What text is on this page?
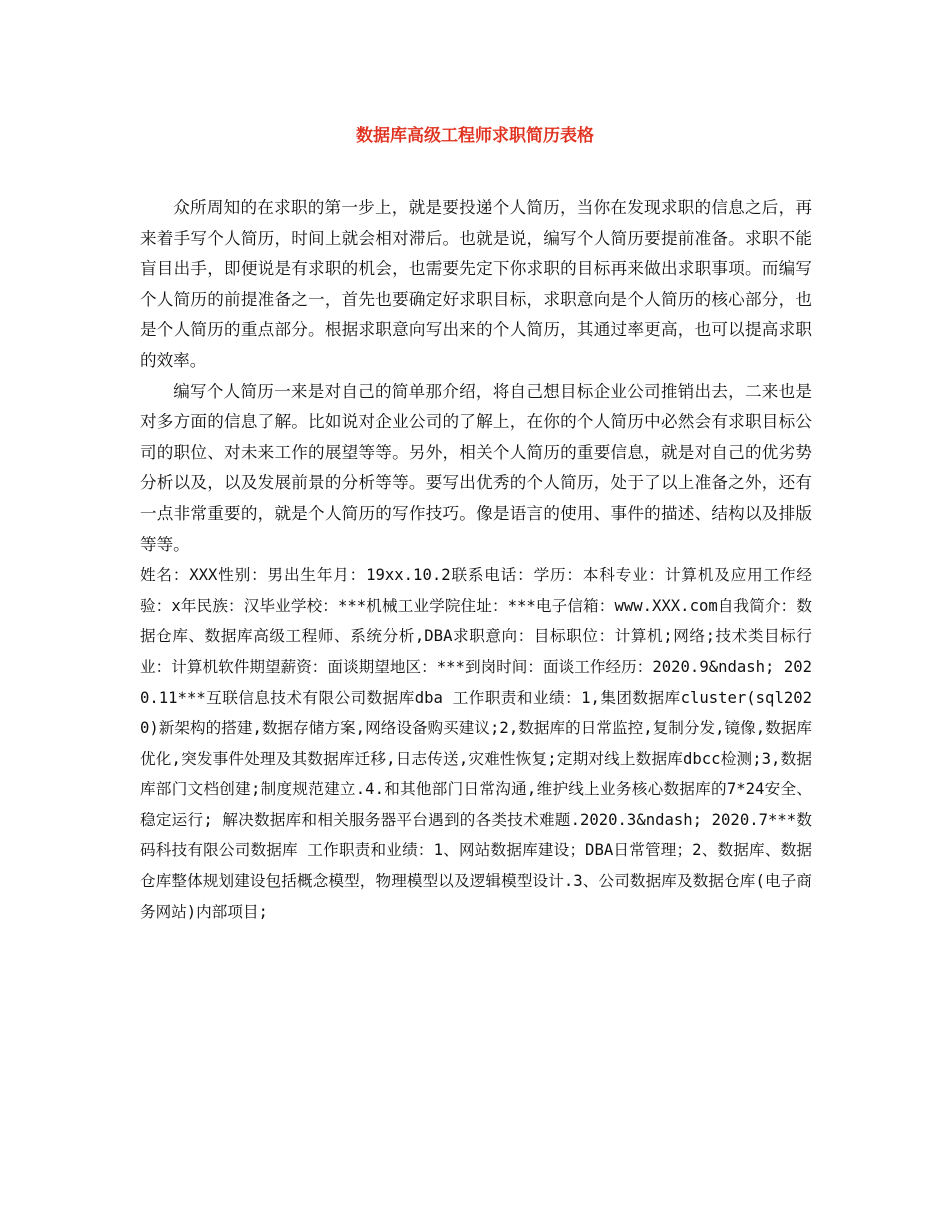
数据库高级工程师求职简历表格

众所周知的在求职的第一步上，就是要投递个人简历，当你在发现求职的信息之后，再来着手写个人简历，时间上就会相对滞后。也就是说，编写个人简历要提前准备。求职不能盲目出手，即便说是有求职的机会，也需要先定下你求职的目标再来做出求职事项。而编写个人简历的前提准备之一，首先也要确定好求职目标，求职意向是个人简历的核心部分，也是个人简历的重点部分。根据求职意向写出来的个人简历，其通过率更高，也可以提高求职的效率。

编写个人简历一来是对自己的简单那介绍，将自己想目标企业公司推销出去，二来也是对多方面的信息了解。比如说对企业公司的了解上，在你的个人简历中必然会有求职目标公司的职位、对未来工作的展望等等。另外，相关个人简历的重要信息，就是对自己的优劣势分析以及，以及发展前景的分析等等。要写出优秀的个人简历，处于了以上准备之外，还有一点非常重要的，就是个人简历的写作技巧。像是语言的使用、事件的描述、结构以及排版等等。

姓名：XXX性别：男出生年月：19xx.10.2联系电话：学历：本科专业：计算机及应用工作经验：x年民族：汉毕业学校：***机械工业学院住址：***电子信箱：www.XXX.com自我简介：数据仓库、数据库高级工程师、系统分析,DBA求职意向：目标职位：计算机;网络;技术类目标行业：计算机软件期望薪资：面谈期望地区：***到岗时间：面谈工作经历：2020.9&ndash; 2020.11***互联信息技术有限公司数据库dba 工作职责和业绩：1,集团数据库cluster(sql2020)新架构的搭建,数据存储方案,网络设备购买建议;2,数据库的日常监控,复制分发,镜像,数据库优化,突发事件处理及其数据库迁移,日志传送,灾难性恢复;定期对线上数据库dbcc检测;3,数据库部门文档创建;制度规范建立.4.和其他部门日常沟通,维护线上业务核心数据库的7*24安全、稳定运行; 解决数据库和相关服务器平台遇到的各类技术难题.2020.3&ndash; 2020.7***数码科技有限公司数据库 工作职责和业绩：1、网站数据库建设；DBA日常管理；2、数据库、数据仓库整体规划建设包括概念模型，物理模型以及逻辑模型设计.3、公司数据库及数据仓库(电子商务网站)内部项目;
